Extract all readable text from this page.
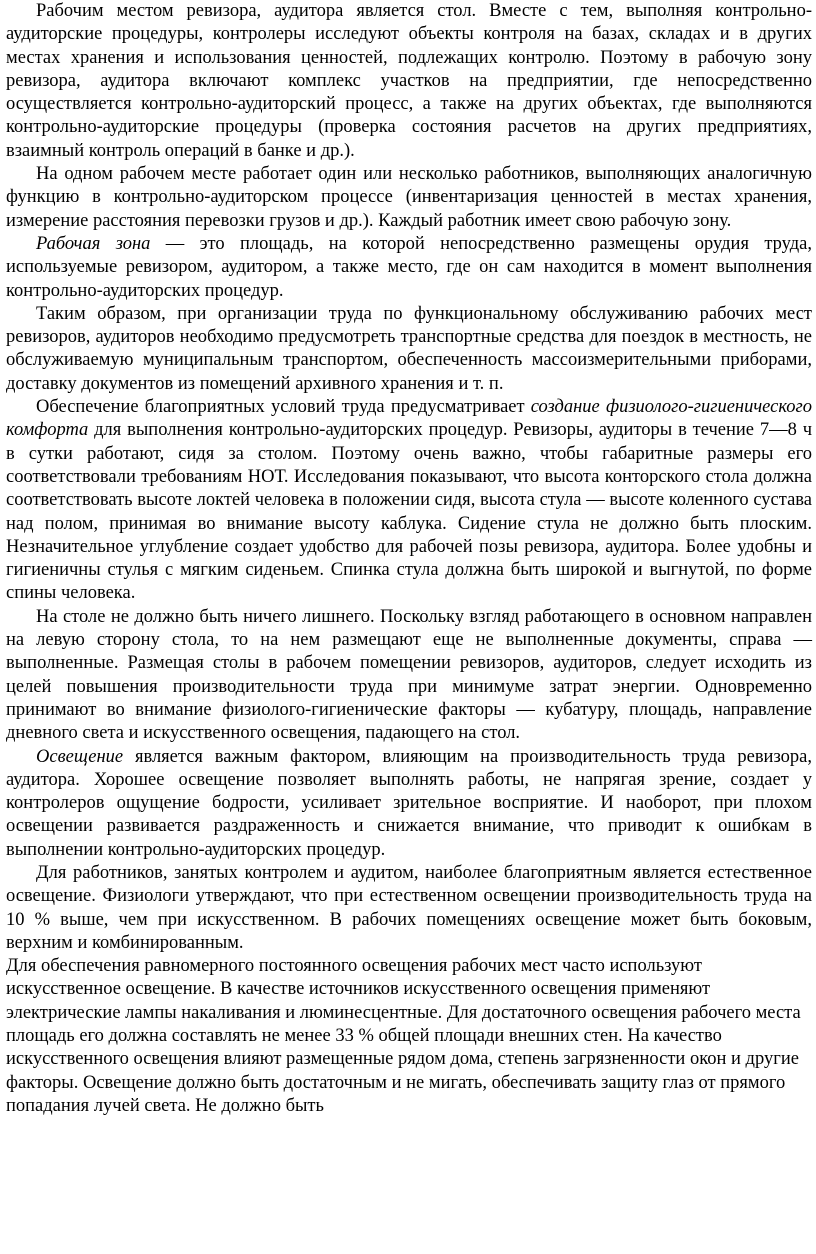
Рабочим местом ревизора, аудитора является стол. Вместе с тем, выполняя контрольно-аудиторские процедуры, контролеры исследуют объекты контроля на базах, складах и в других местах хранения и использования ценностей, подлежащих контролю. Поэтому в рабочую зону ревизора, аудитора включают комплекс участков на предприятии, где непосредственно осуществляется контрольно-аудиторский процесс, а также на других объектах, где выполняются контрольно-аудиторские процедуры (проверка состояния расчетов на других предприятиях, взаимный контроль операций в банке и др.).

На одном рабочем месте работает один или несколько работников, выполняющих аналогичную функцию в контрольно-аудиторском процессе (инвентаризация ценностей в местах хранения, измерение расстояния перевозки грузов и др.). Каждый работник имеет свою рабочую зону.

Рабочая зона — это площадь, на которой непосредственно размещены орудия труда, используемые ревизором, аудитором, а также место, где он сам находится в момент выполнения контрольно-аудиторских процедур.

Таким образом, при организации труда по функциональному обслуживанию рабочих мест ревизоров, аудиторов необходимо предусмотреть транспортные средства для поездок в местность, не обслуживаемую муниципальным транспортом, обеспеченность массоизмерительными приборами, доставку документов из помещений архивного хранения и т. п.

Обеспечение благоприятных условий труда предусматривает создание физиолого-гигиенического комфорта для выполнения контрольно-аудиторских процедур. Ревизоры, аудиторы в течение 7—8 ч в сутки работают, сидя за столом. Поэтому очень важно, чтобы габаритные размеры его соответствовали требованиям НОТ. Исследования показывают, что высота конторского стола должна соответствовать высоте локтей человека в положении сидя, высота стула — высоте коленного сустава над полом, принимая во внимание высоту каблука. Сидение стула не должно быть плоским. Незначительное углубление создает удобство для рабочей позы ревизора, аудитора. Более удобны и гигиеничны стулья с мягким сиденьем. Спинка стула должна быть широкой и выгнутой, по форме спины человека.

На столе не должно быть ничего лишнего. Поскольку взгляд работающего в основном направлен на левую сторону стола, то на нем размещают еще не выполненные документы, справа — выполненные. Размещая столы в рабочем помещении ревизоров, аудиторов, следует исходить из целей повышения производительности труда при минимуме затрат энергии. Одновременно принимают во внимание физиолого-гигиенические факторы — кубатуру, площадь, направление дневного света и искусственного освещения, падающего на стол.

Освещение является важным фактором, влияющим на производительность труда ревизора, аудитора. Хорошее освещение позволяет выполнять работы, не напрягая зрение, создает у контролеров ощущение бодрости, усиливает зрительное восприятие. И наоборот, при плохом освещении развивается раздраженность и снижается внимание, что приводит к ошибкам в выполнении контрольно-аудиторских процедур.

Для работников, занятых контролем и аудитом, наиболее благоприятным является естественное освещение. Физиологи утверждают, что при естественном освещении производительность труда на 10 % выше, чем при искусственном. В рабочих помещениях освещение может быть боковым, верхним и комбинированным.

Для обеспечения равномерного постоянного освещения рабочих мест часто используют искусственное освещение. В качестве источников искусственного освещения применяют электрические лампы накаливания и люминесцентные. Для достаточного освещения рабочего места площадь его должна составлять не менее 33 % общей площади внешних стен. На качество искусственного освещения влияют размещенные рядом дома, степень загрязненности окон и другие факторы. Освещение должно быть достаточным и не мигать, обеспечивать защиту глаз от прямого попадания лучей света. Не должно быть
